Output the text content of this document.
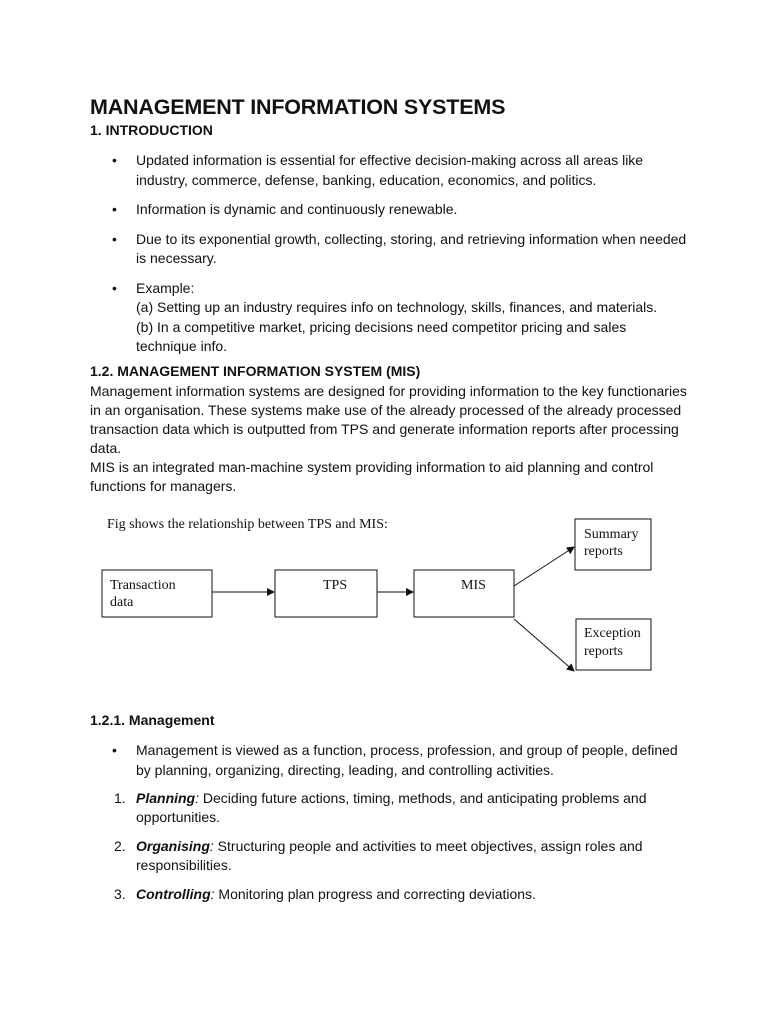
MANAGEMENT INFORMATION SYSTEMS
1. INTRODUCTION
• Updated information is essential for effective decision-making across all areas like industry, commerce, defense, banking, education, economics, and politics.
• Information is dynamic and continuously renewable.
• Due to its exponential growth, collecting, storing, and retrieving information when needed is necessary.
• Example:
(a) Setting up an industry requires info on technology, skills, finances, and materials.
(b) In a competitive market, pricing decisions need competitor pricing and sales technique info.
1.2. MANAGEMENT INFORMATION SYSTEM (MIS)

Management information systems are designed for providing information to the key functionaries in an organisation. These systems make use of the already processed of the already processed transaction data which is outputted from TPS and generate information reports after processing data.

MIS is an integrated man-machine system providing information to aid planning and control functions for managers.

Fig shows the relationship between TPS and MIS:
Transaction
data
TPS	MIS
Summary
reports
Exception
reports
1.2.1. Management
• Management is viewed as a function, process, profession, and group of people, defined by planning, organizing, directing, leading, and controlling activities.
1. Planning: Deciding future actions, timing, methods, and anticipating problems and opportunities.
2. Organising: Structuring people and activities to meet objectives, assign roles and responsibilities.
3. Controlling: Monitoring plan progress and correcting deviations.
